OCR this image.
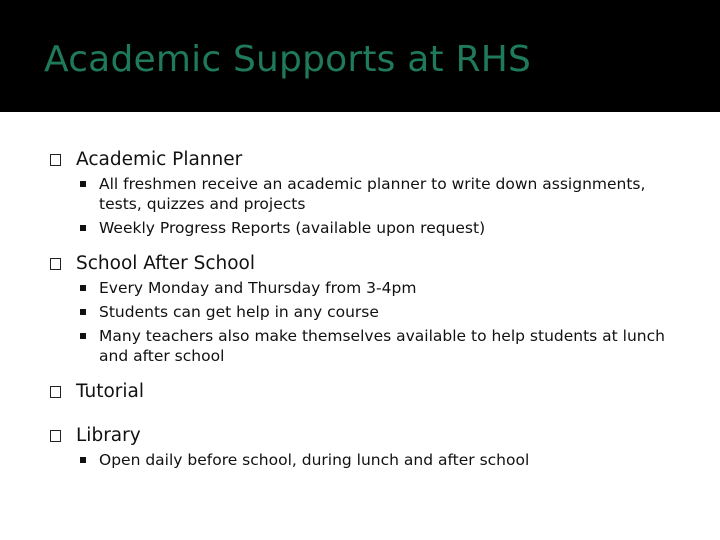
Academic Supports at RHS
Academic Planner
All freshmen receive an academic planner to write down assignments, tests, quizzes and projects
Weekly Progress Reports (available upon request)
School After School
Every Monday and Thursday from 3-4pm
Students can get help in any course
Many teachers also make themselves available to help students at lunch and after school
Tutorial
Library
Open daily before school, during lunch and after school
